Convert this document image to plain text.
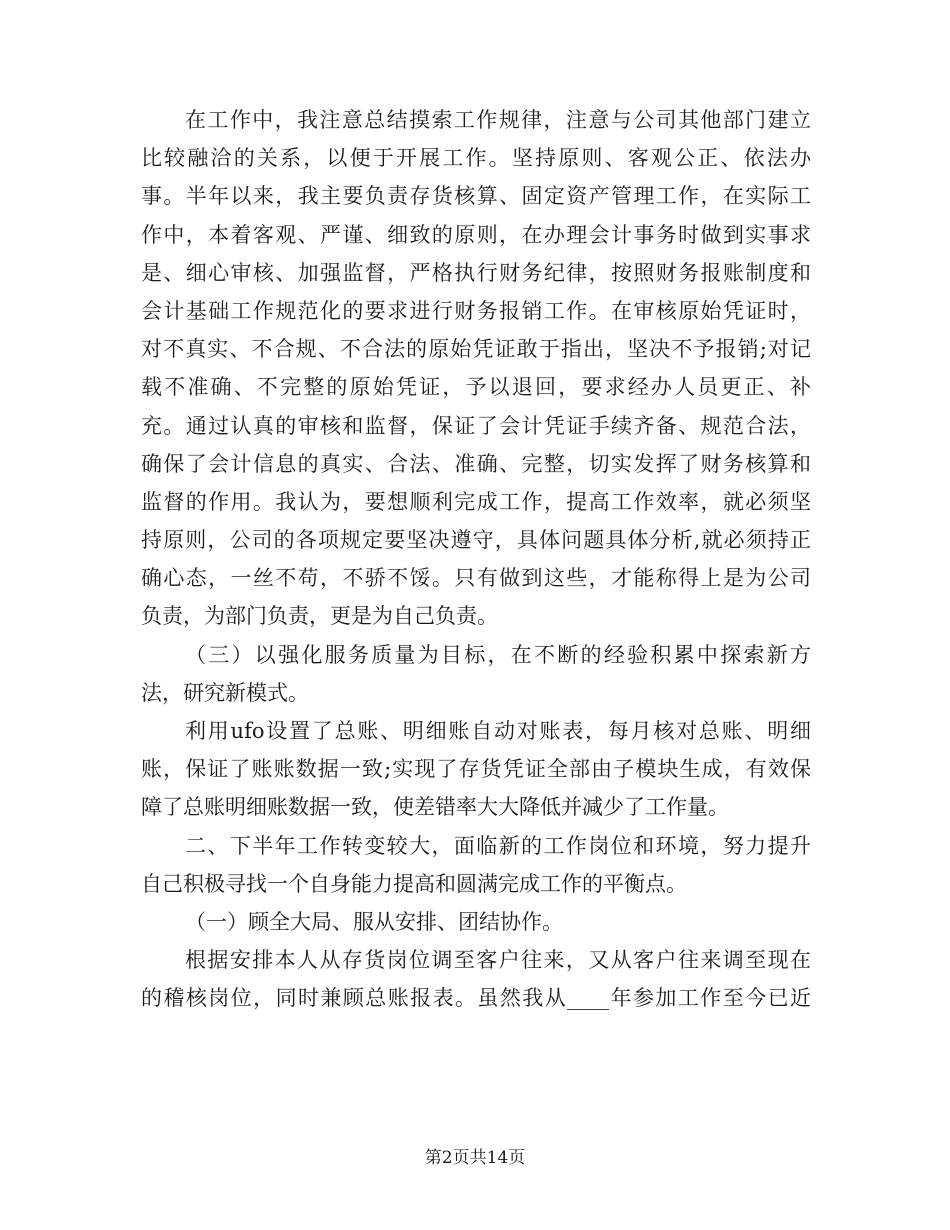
在工作中，我注意总结摸索工作规律，注意与公司其他部门建立
比较融洽的关系，以便于开展工作。坚持原则、客观公正、依法办
事。半年以来，我主要负责存货核算、固定资产管理工作，在实际工
作中，本着客观、严谨、细致的原则，在办理会计事务时做到实事求
是、细心审核、加强监督，严格执行财务纪律，按照财务报账制度和
会计基础工作规范化的要求进行财务报销工作。在审核原始凭证时，
对不真实、不合规、不合法的原始凭证敢于指出，坚决不予报销;对记
载不准确、不完整的原始凭证，予以退回，要求经办人员更正、补
充。通过认真的审核和监督，保证了会计凭证手续齐备、规范合法，
确保了会计信息的真实、合法、准确、完整，切实发挥了财务核算和
监督的作用。我认为，要想顺利完成工作，提高工作效率，就必须坚
持原则，公司的各项规定要坚决遵守，具体问题具体分析,就必须持正
确心态，一丝不苟，不骄不馁。只有做到这些，才能称得上是为公司
负责，为部门负责，更是为自己负责。
（三）以强化服务质量为目标，在不断的经验积累中探索新方
法，研究新模式。
利用ufo设置了总账、明细账自动对账表，每月核对总账、明细
账，保证了账账数据一致;实现了存货凭证全部由子模块生成，有效保
障了总账明细账数据一致，使差错率大大降低并减少了工作量。
二、下半年工作转变较大，面临新的工作岗位和环境，努力提升
自己积极寻找一个自身能力提高和圆满完成工作的平衡点。
（一）顾全大局、服从安排、团结协作。
根据安排本人从存货岗位调至客户往来，又从客户往来调至现在
的稽核岗位，同时兼顾总账报表。虽然我从____年参加工作至今已近
第2页共14页
